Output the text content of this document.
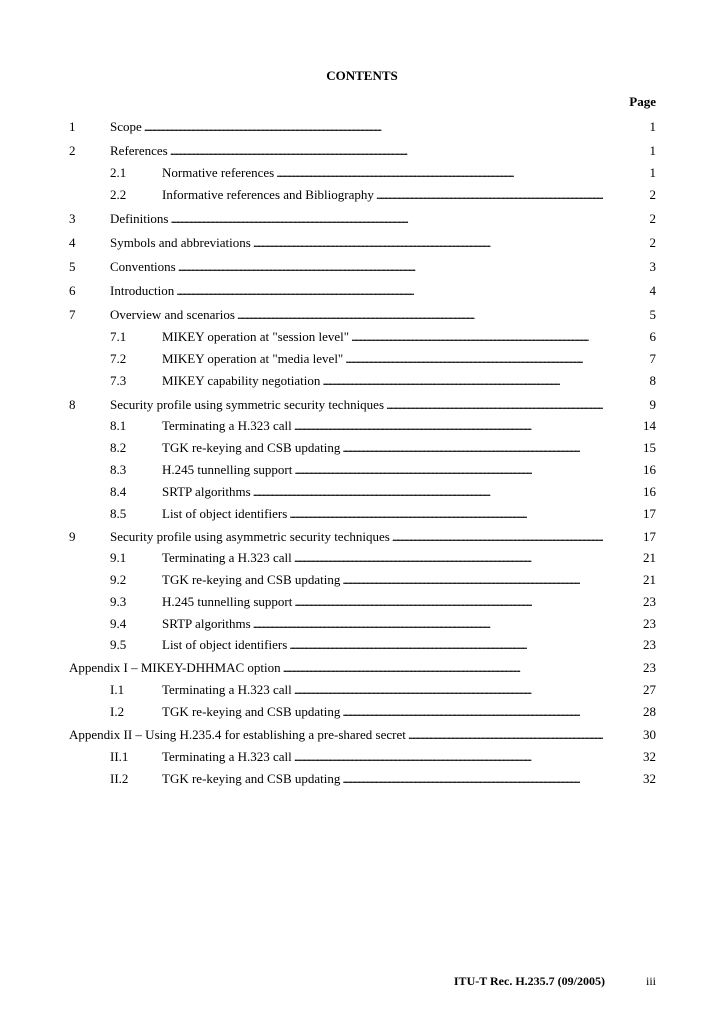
CONTENTS
Page
1	Scope . . .	1
2	References . . .	1
2.1	Normative references . . .	1
2.2	Informative references and Bibliography . . .	2
3	Definitions . . .	2
4	Symbols and abbreviations . . .	2
5	Conventions . . .	3
6	Introduction . . .	4
7	Overview and scenarios . . .	5
7.1	MIKEY operation at "session level" . . .	6
7.2	MIKEY operation at "media level" . . .	7
7.3	MIKEY capability negotiation . . .	8
8	Security profile using symmetric security techniques . . .	9
8.1	Terminating a H.323 call . . .	14
8.2	TGK re-keying and CSB updating . . .	15
8.3	H.245 tunnelling support . . .	16
8.4	SRTP algorithms . . .	16
8.5	List of object identifiers . . .	17
9	Security profile using asymmetric security techniques . . .	17
9.1	Terminating a H.323 call . . .	21
9.2	TGK re-keying and CSB updating . . .	21
9.3	H.245 tunnelling support . . .	23
9.4	SRTP algorithms . . .	23
9.5	List of object identifiers . . .	23
Appendix I – MIKEY-DHHMAC option . . .	23
I.1	Terminating a H.323 call . . .	27
I.2	TGK re-keying and CSB updating . . .	28
Appendix II – Using H.235.4 for establishing a pre-shared secret . . .	30
II.1	Terminating a H.323 call . . .	32
II.2	TGK re-keying and CSB updating . . .	32
ITU-T Rec. H.235.7 (09/2005)	iii
